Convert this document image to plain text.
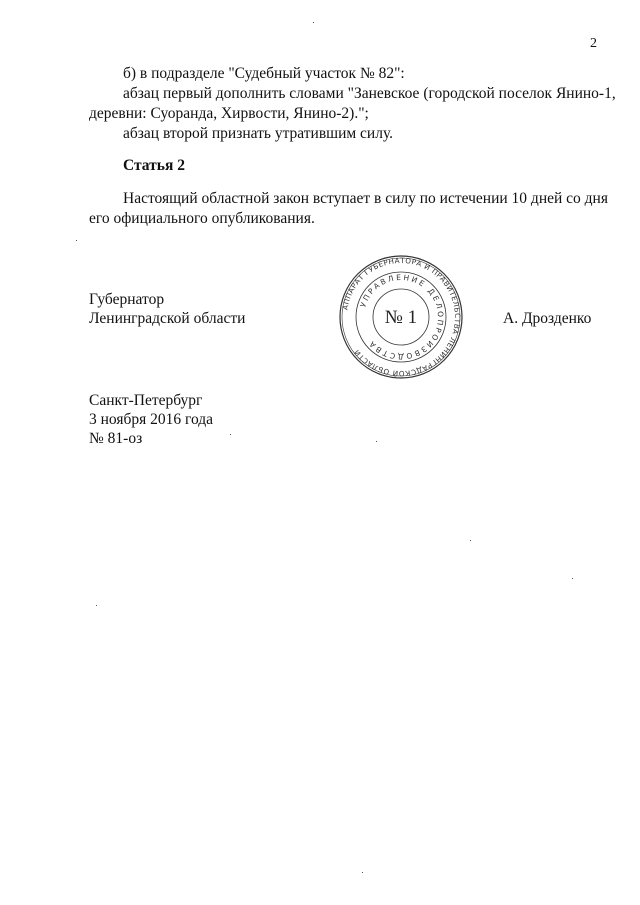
2
б) в подразделе "Судебный участок № 82":
абзац первый дополнить словами "Заневское (городской поселок Янино-1,
деревни: Суоранда, Хирвости, Янино-2).";
абзац второй признать утратившим силу.
Статья 2
Настоящий областной закон вступает в силу по истечении 10 дней со дня
его официального опубликования.
Губернатор
Ленинградской области	А. Дрозденко
АППАРАТ ГУБЕРНАТОРА И ПРАВИТЕЛЬСТВА ЛЕНИНГРАДСКОЙ ОБЛАСТИ
УПРАВЛЕНИЕ ДЕЛОПРОИЗВОДСТВА
№ 1
Санкт-Петербург
3 ноября 2016 года
№ 81-оз
